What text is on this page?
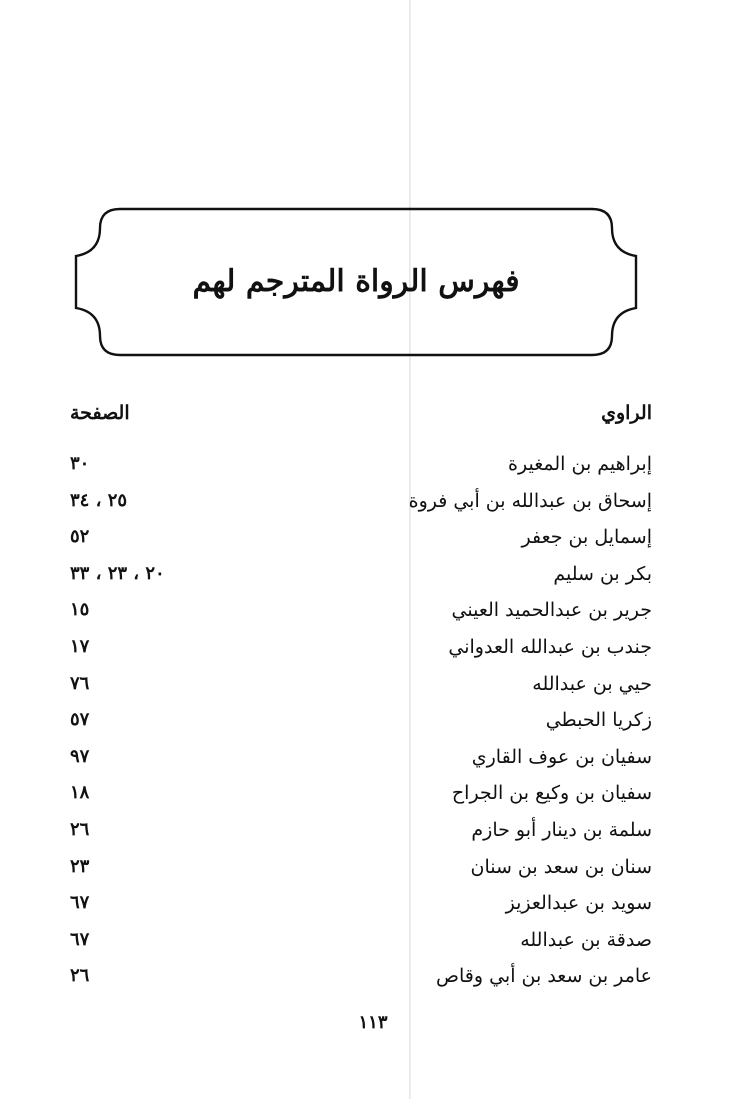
فهرس الرواة المترجم لهم
الراوي
الصفحة
إبراهيم بن المغيرة
٣٠
إسحاق بن عبدالله بن أبي فروة
٢٥ ، ٣٤
إسمايل بن جعفر
٥٢
بكر بن سليم
٢٠ ، ٢٣ ، ٣٣
جرير بن عبدالحميد العيني
١٥
جندب بن عبدالله العدواني
١٧
حيي بن عبدالله
٧٦
زكريا الحبطي
٥٧
سفيان بن عوف القاري
٩٧
سفيان بن وكيع بن الجراح
١٨
سلمة بن دينار أبو حازم
٢٦
سنان بن سعد بن سنان
٢٣
سويد بن عبدالعزيز
٦٧
صدقة بن عبدالله
٦٧
عامر بن سعد بن أبي وقاص
٢٦
١١٣
